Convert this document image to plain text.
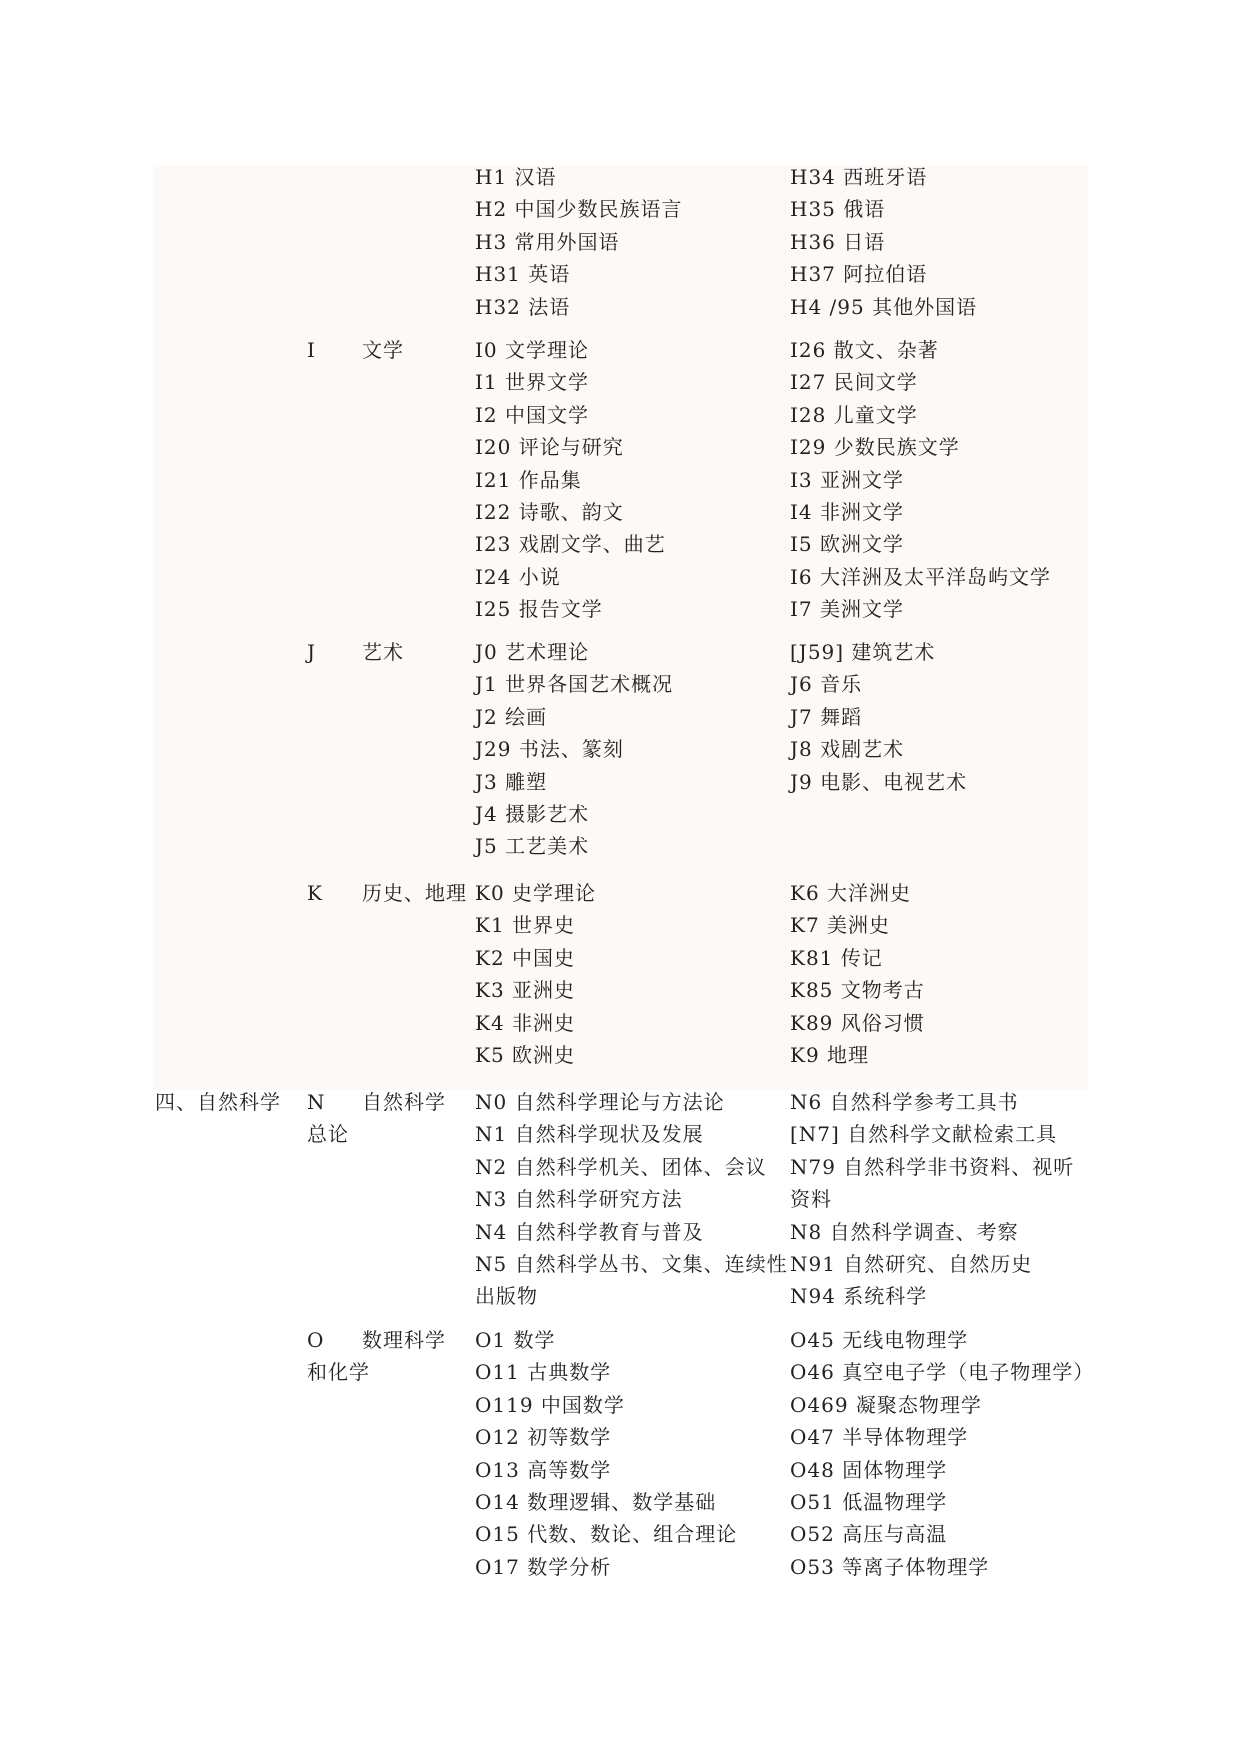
H1 汉语
H2 中国少数民族语言
H3 常用外国语
H31 英语
H32 法语
H34 西班牙语
H35 俄语
H36 日语
H37 阿拉伯语
H4 /95 其他外国语
I 文学	I0 文学理论
I1 世界文学
I2 中国文学
I20 评论与研究
I21 作品集
I22 诗歌、韵文
I23 戏剧文学、曲艺
I24 小说
I25 报告文学
I26 散文、杂著
I27 民间文学
I28 儿童文学
I29 少数民族文学
I3 亚洲文学
I4 非洲文学
I5 欧洲文学
I6 大洋洲及太平洋岛屿文学
I7 美洲文学
J 艺术	J0 艺术理论
J1 世界各国艺术概况
J2 绘画
J29 书法、篆刻
J3 雕塑
J4 摄影艺术
J5 工艺美术
[J59] 建筑艺术
J6 音乐
J7 舞蹈
J8 戏剧艺术
J9 电影、电视艺术
K 历史、地理 K0 史学理论
K1 世界史
K2 中国史
K3 亚洲史
K4 非洲史
K5 欧洲史
K6 大洋洲史
K7 美洲史
K81 传记
K85 文物考古
K89 风俗习惯
K9 地理
四、自然科学 N 自然科学
总论
N0 自然科学理论与方法论
N1 自然科学现状及发展
N2 自然科学机关、团体、会议
N3 自然科学研究方法
N4 自然科学教育与普及
N5 自然科学丛书、文集、连续性
出版物
N6 自然科学参考工具书
[N7] 自然科学文献检索工具
N79 自然科学非书资料、视听
资料
N8 自然科学调查、考察
N91 自然研究、自然历史
N94 系统科学
O 数理科学
和化学
O1 数学
O11 古典数学
O119 中国数学
O12 初等数学
O13 高等数学
O14 数理逻辑、数学基础
O15 代数、数论、组合理论
O17 数学分析
O45 无线电物理学
O46 真空电子学（电子物理学）
O469 凝聚态物理学
O47 半导体物理学
O48 固体物理学
O51 低温物理学
O52 高压与高温
O53 等离子体物理学
